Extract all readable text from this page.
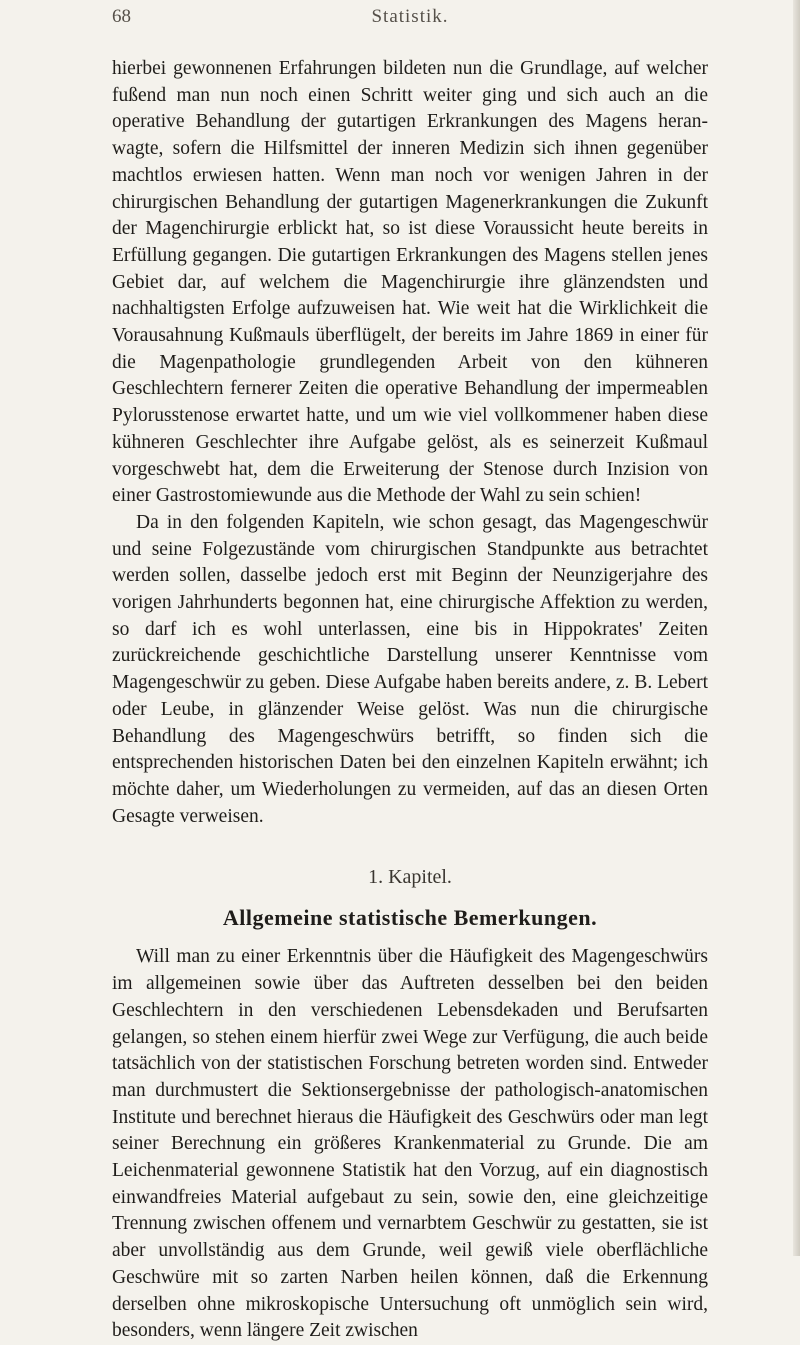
68	Statistik.

hierbei gewonnenen Erfahrungen bildeten nun die Grundlage, auf welcher fußend man nun noch einen Schritt weiter ging und sich auch an die operative Behandlung der gutartigen Erkrankungen des Magens heranwagte, sofern die Hilfsmittel der inneren Medizin sich ihnen gegenüber machtlos erwiesen hatten. Wenn man noch vor wenigen Jahren in der chirurgischen Behandlung der gutartigen Magenerkrankungen die Zukunft der Magenchirurgie erblickt hat, so ist diese Voraussicht heute bereits in Erfüllung gegangen. Die gutartigen Erkrankungen des Magens stellen jenes Gebiet dar, auf welchem die Magenchirurgie ihre glänzendsten und nachhaltigsten Erfolge aufzuweisen hat. Wie weit hat die Wirklichkeit die Vorausahnung Kußmauls überflügelt, der bereits im Jahre 1869 in einer für die Magenpathologie grundlegenden Arbeit von den kühneren Geschlechtern fernerer Zeiten die operative Behandlung der impermeablen Pylorusstenose erwartet hatte, und um wie viel vollkommener haben diese kühneren Geschlechter ihre Aufgabe gelöst, als es seinerzeit Kußmaul vorgeschwebt hat, dem die Erweiterung der Stenose durch Inzision von einer Gastrostomiewunde aus die Methode der Wahl zu sein schien!

Da in den folgenden Kapiteln, wie schon gesagt, das Magengeschwür und seine Folgezustände vom chirurgischen Standpunkte aus betrachtet werden sollen, dasselbe jedoch erst mit Beginn der Neunzigerjahre des vorigen Jahrhunderts begonnen hat, eine chirurgische Affektion zu werden, so darf ich es wohl unterlassen, eine bis in Hippokrates' Zeiten zurückreichende geschichtliche Darstellung unserer Kenntnisse vom Magengeschwür zu geben. Diese Aufgabe haben bereits andere, z. B. Lebert oder Leube, in glänzender Weise gelöst. Was nun die chirurgische Behandlung des Magengeschwürs betrifft, so finden sich die entsprechenden historischen Daten bei den einzelnen Kapiteln erwähnt; ich möchte daher, um Wiederholungen zu vermeiden, auf das an diesen Orten Gesagte verweisen.

1. Kapitel.

Allgemeine statistische Bemerkungen.

Will man zu einer Erkenntnis über die Häufigkeit des Magengeschwürs im allgemeinen sowie über das Auftreten desselben bei den beiden Geschlechtern in den verschiedenen Lebensdekaden und Berufsarten gelangen, so stehen einem hierfür zwei Wege zur Verfügung, die auch beide tatsächlich von der statistischen Forschung betreten worden sind. Entweder man durchmustert die Sektionsergebnisse der pathologisch-anatomischen Institute und berechnet hieraus die Häufigkeit des Geschwürs oder man legt seiner Berechnung ein größeres Krankenmaterial zu Grunde. Die am Leichenmaterial gewonnene Statistik hat den Vorzug, auf ein diagnostisch einwandfreies Material aufgebaut zu sein, sowie den, eine gleichzeitige Trennung zwischen offenem und vernarbtem Geschwür zu gestatten, sie ist aber unvollständig aus dem Grunde, weil gewiß viele oberflächliche Geschwüre mit so zarten Narben heilen können, daß die Erkennung derselben ohne mikroskopische Untersuchung oft unmöglich sein wird, besonders, wenn längere Zeit zwischen
